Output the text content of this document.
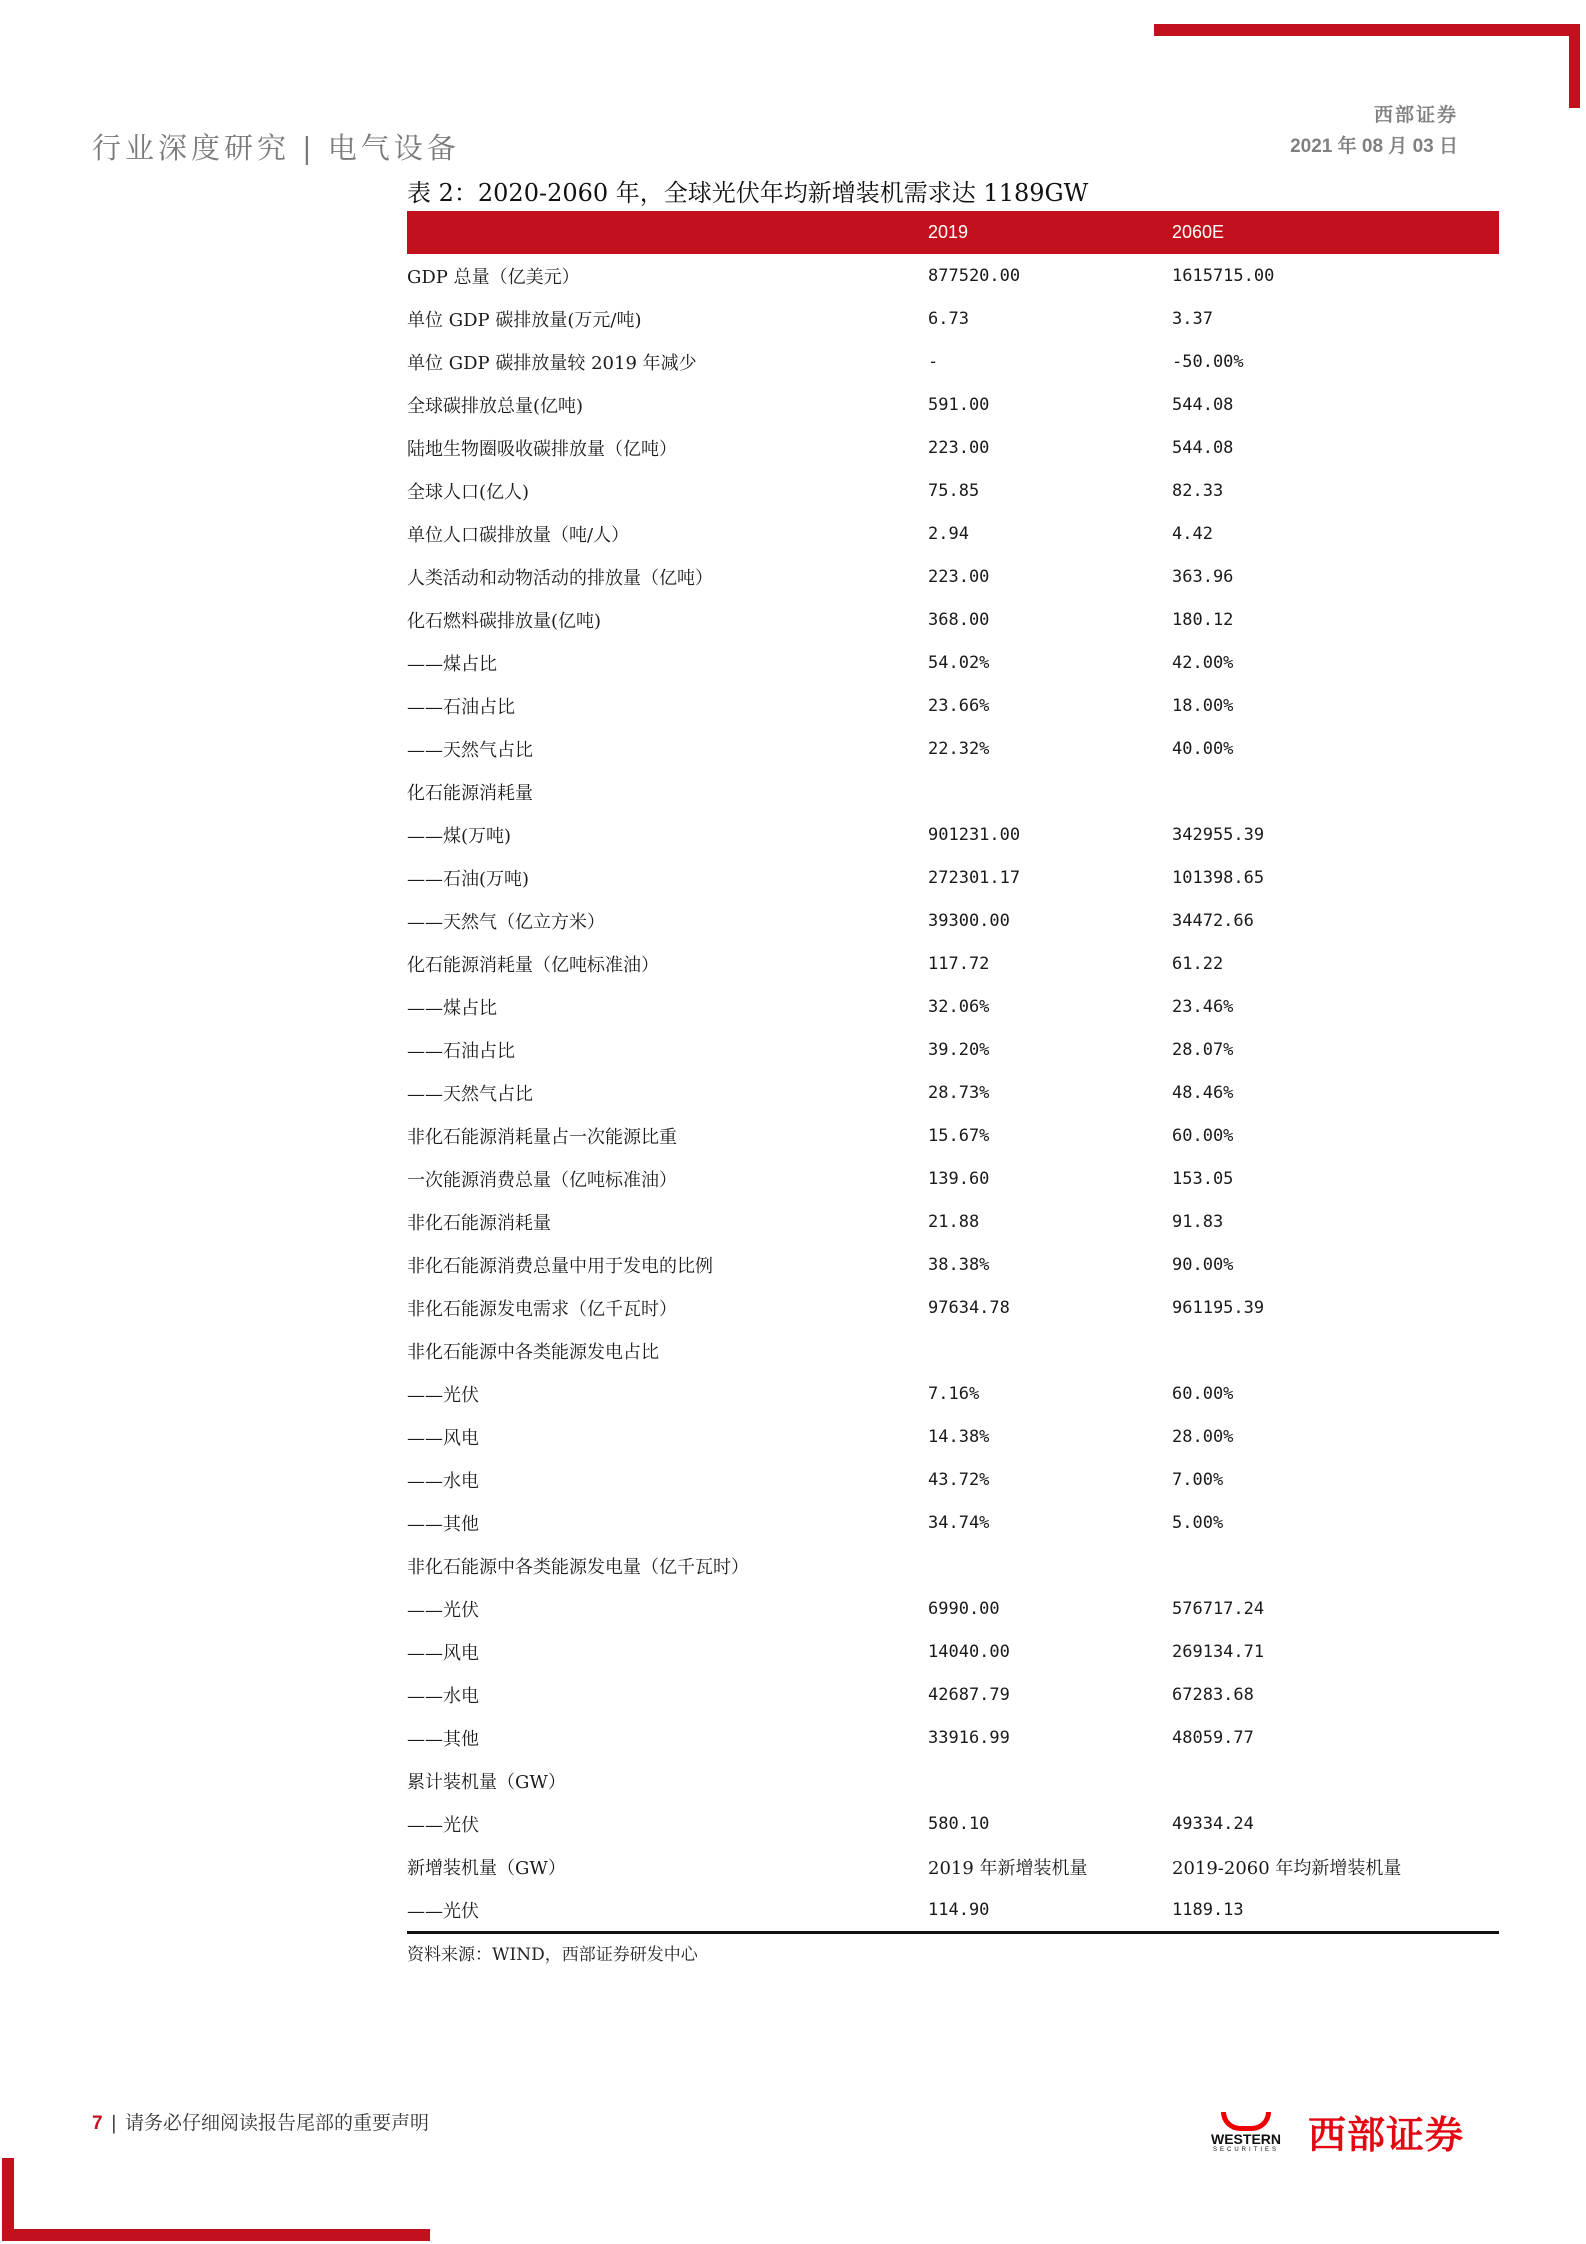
行业深度研究 | 电气设备
西部证券
2021 年 08 月 03 日
表 2：2020-2060 年，全球光伏年均新增装机需求达 1189GW
	2019	2060E
GDP 总量（亿美元）	877520.00	1615715.00
单位 GDP 碳排放量(万元/吨)	6.73	3.37
单位 GDP 碳排放量较 2019 年减少	-	-50.00%
全球碳排放总量(亿吨)	591.00	544.08
陆地生物圈吸收碳排放量（亿吨）	223.00	544.08
全球人口(亿人)	75.85	82.33
单位人口碳排放量（吨/人）	2.94	4.42
人类活动和动物活动的排放量（亿吨）	223.00	363.96
化石燃料碳排放量(亿吨)	368.00	180.12
——煤占比	54.02%	42.00%
——石油占比	23.66%	18.00%
——天然气占比	22.32%	40.00%
化石能源消耗量		
——煤(万吨)	901231.00	342955.39
——石油(万吨)	272301.17	101398.65
——天然气（亿立方米）	39300.00	34472.66
化石能源消耗量（亿吨标准油）	117.72	61.22
——煤占比	32.06%	23.46%
——石油占比	39.20%	28.07%
——天然气占比	28.73%	48.46%
非化石能源消耗量占一次能源比重	15.67%	60.00%
一次能源消费总量（亿吨标准油）	139.60	153.05
非化石能源消耗量	21.88	91.83
非化石能源消费总量中用于发电的比例	38.38%	90.00%
非化石能源发电需求（亿千瓦时）	97634.78	961195.39
非化石能源中各类能源发电占比		
——光伏	7.16%	60.00%
——风电	14.38%	28.00%
——水电	43.72%	7.00%
——其他	34.74%	5.00%
非化石能源中各类能源发电量（亿千瓦时）		
——光伏	6990.00	576717.24
——风电	14040.00	269134.71
——水电	42687.79	67283.68
——其他	33916.99	48059.77
累计装机量（GW）		
——光伏	580.10	49334.24
新增装机量（GW）	2019 年新增装机量	2019-2060 年均新增装机量
——光伏	114.90	1189.13
资料来源：WIND，西部证券研发中心
7 | 请务必仔细阅读报告尾部的重要声明
WESTERN
SECURITIES 西部证券
